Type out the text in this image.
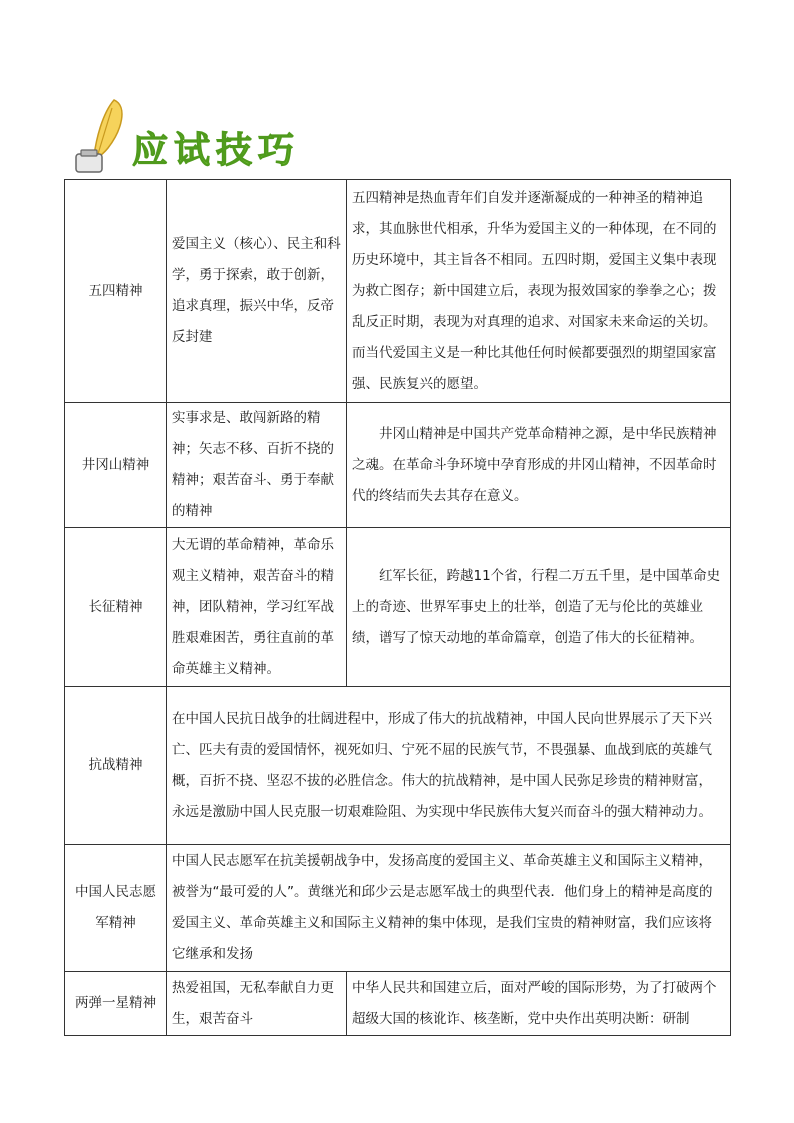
应试技巧
五四精神	爱国主义（核心）、民主和科学，勇于探索，敢于创新，追求真理，振兴中华，反帝反封建	五四精神是热血青年们自发并逐渐凝成的一种神圣的精神追求，其血脉世代相承，升华为爱国主义的一种体现，在不同的历史环境中，其主旨各不相同。五四时期，爱国主义集中表现为救亡图存；新中国建立后，表现为报效国家的拳拳之心；拨乱反正时期，表现为对真理的追求、对国家未来命运的关切。而当代爱国主义是一种比其他任何时候都要强烈的期望国家富强、民族复兴的愿望。
井冈山精神	实事求是、敢闯新路的精神；矢志不移、百折不挠的精神；艰苦奋斗、勇于奉献的精神	井冈山精神是中国共产党革命精神之源，是中华民族精神之魂。在革命斗争环境中孕育形成的井冈山精神，不因革命时代的终结而失去其存在意义。
长征精神	大无谓的革命精神，革命乐观主义精神，艰苦奋斗的精神，团队精神，学习红军战胜艰难困苦，勇往直前的革命英雄主义精神。	红军长征，跨越11个省，行程二万五千里，是中国革命史上的奇迹、世界军事史上的壮举，创造了无与伦比的英雄业绩，谱写了惊天动地的革命篇章，创造了伟大的长征精神。
抗战精神	在中国人民抗日战争的壮阔进程中，形成了伟大的抗战精神，中国人民向世界展示了天下兴亡、匹夫有责的爱国情怀，视死如归、宁死不屈的民族气节，不畏强暴、血战到底的英雄气概，百折不挠、坚忍不拔的必胜信念。伟大的抗战精神，是中国人民弥足珍贵的精神财富，永远是激励中国人民克服一切艰难险阻、为实现中华民族伟大复兴而奋斗的强大精神动力。	
中国人民志愿军精神	中国人民志愿军在抗美援朝战争中，发扬高度的爱国主义、革命英雄主义和国际主义精神，被誉为“最可爱的人”。黄继光和邱少云是志愿军战士的典型代表．他们身上的精神是高度的爱国主义、革命英雄主义和国际主义精神的集中体现，是我们宝贵的精神财富，我们应该将它继承和发扬	
两弹一星精神	热爱祖国，无私奉献自力更生，艰苦奋斗	中华人民共和国建立后，面对严峻的国际形势，为了打破两个超级大国的核讹诈、核垄断，党中央作出英明决断：研制
